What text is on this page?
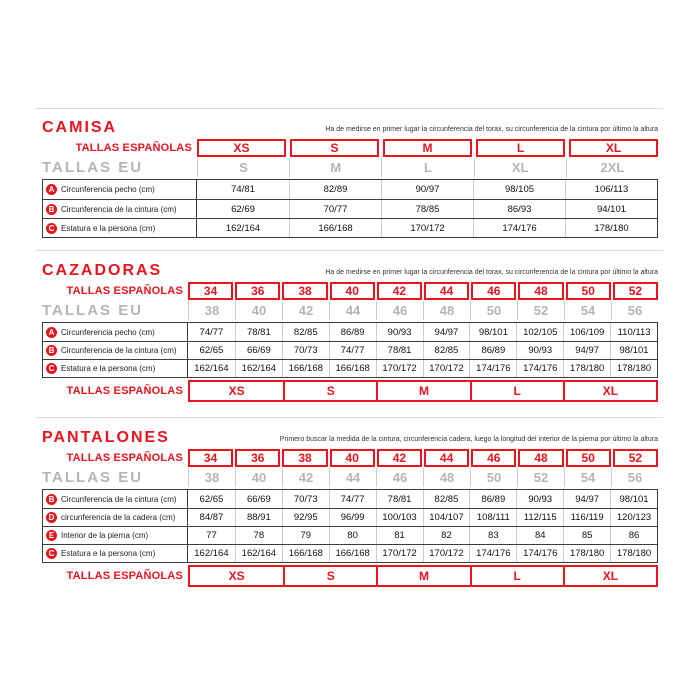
CAMISA	Ha de medirse en primer lugar la circunferencia del torax, su circunferencia de la cintura por último la altura

TALLAS ESPAÑOLAS	XS	S	M	L	XL
TALLAS EU	S	M	L	XL	2XL
A Circunferencia pecho (cm)	74/81	82/89	90/97	98/105	106/113
B Circunferencia de la cintura (cm)	62/69	70/77	78/85	86/93	94/101
C Estatura e la persona (cm)	162/164	166/168	170/172	174/176	178/180
CAZADORAS	Ha de medirse en primer lugar la circunferencia del torax, su circunferencia de la cintura por último la altura

TALLAS ESPAÑOLAS	34	36	38	40	42	44	46	48	50	52
TALLAS EU	38	40	42	44	46	48	50	52	54	56
A Circunferencia pecho (cm)	74/77	78/81	82/85	86/89	90/93	94/97	98/101	102/105	106/109	110/113
B Circunferencia de la cintura (cm)	62/65	66/69	70/73	74/77	78/81	82/85	86/89	90/93	94/97	98/101
C Estatura e la persona (cm)	162/164	162/164	166/168	166/168	170/172	170/172	174/176	174/176	178/180	178/180
TALLAS ESPAÑOLAS	XS	S	M	L	XL
PANTALONES	Primero buscar la medida de la cintura, circunferencia cadera, luego la longitud del interior de la pierna por último la altura

TALLAS ESPAÑOLAS	34	36	38	40	42	44	46	48	50	52
TALLAS EU	38	40	42	44	46	48	50	52	54	56
B Circunferencia de la cintura (cm)	62/65	66/69	70/73	74/77	78/81	82/85	86/89	90/93	94/97	98/101
D circunferencia de la cadera (cm)	84/87	88/91	92/95	96/99	100/103	104/107	108/111	112/115	116/119	120/123
E Interior de la pierna (cm)	77	78	79	80	81	82	83	84	85	86
C Estatura e la persona (cm)	162/164	162/164	166/168	166/168	170/172	170/172	174/176	174/176	178/180	178/180
TALLAS ESPAÑOLAS	XS	S	M	L	XL
